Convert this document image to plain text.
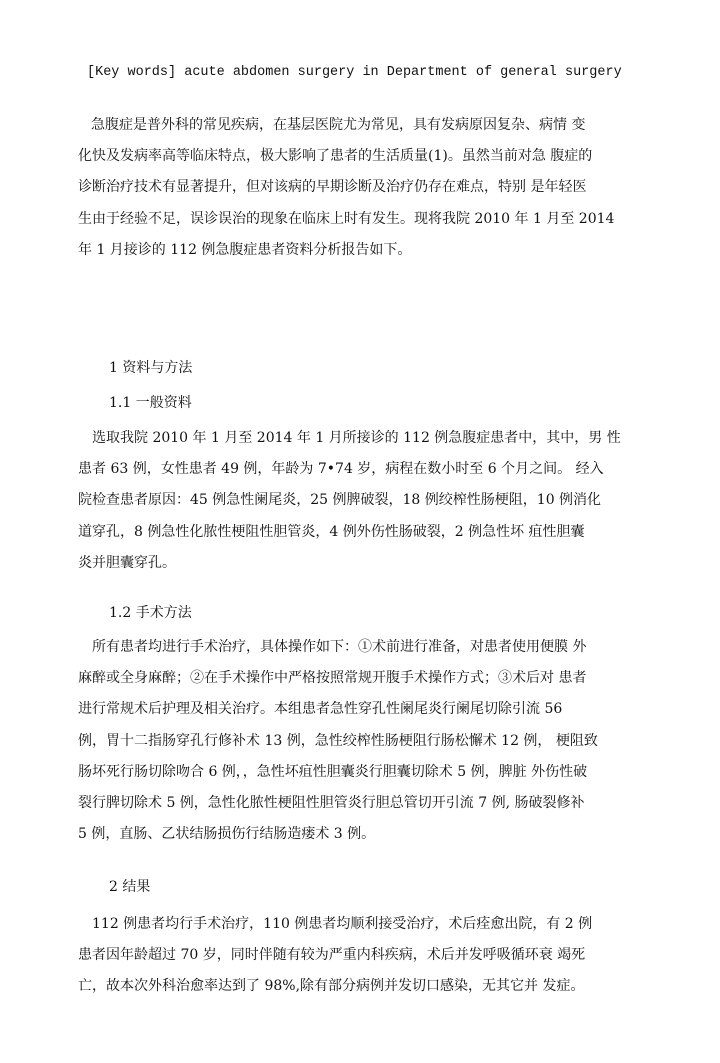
[Key words] acute abdomen surgery in Department of general surgery
急腹症是普外科的常见疾病，在基层医院尤为常见，具有发病原因复杂、病情 变
化快及发病率高等临床特点，极大影响了患者的生活质量(1)。虽然当前对急 腹症的
诊断治疗技术有显著提升，但对该病的早期诊断及治疗仍存在难点，特别 是年轻医
生由于经验不足，误诊误治的现象在临床上时有发生。现将我院 2010 年 1 月至 2014
年 1 月接诊的 112 例急腹症患者资料分析报告如下。
1 资料与方法
1.1 一般资料
选取我院 2010 年 1 月至 2014 年 1 月所接诊的 112 例急腹症患者中，其中，男 性
患者 63 例，女性患者 49 例，年龄为 7•74 岁，病程在数小时至 6 个月之间。 经入
院检查患者原因：45 例急性阑尾炎，25 例脾破裂，18 例绞榨性肠梗阻，10 例消化
道穿孔，8 例急性化脓性梗阻性胆管炎，4 例外伤性肠破裂，2 例急性坏 疽性胆囊
炎并胆囊穿孔。
1.2 手术方法
所有患者均进行手术治疗，具体操作如下：①术前进行准备，对患者使用便膜 外
麻醉或全身麻醉；②在手术操作中严格按照常规开腹手术操作方式；③术后对 患者
进行常规术后护理及相关治疗。本组患者急性穿孔性阑尾炎行阑尾切除引流 56
例，胃十二指肠穿孔行修补术 13 例，急性绞榨性肠梗阻行肠松懈术 12 例， 梗阻致
肠坏死行肠切除吻合 6 例，，急性坏疽性胆囊炎行胆囊切除术 5 例，脾脏 外伤性破
裂行脾切除术 5 例，急性化脓性梗阻性胆管炎行胆总管切开引流 7 例, 肠破裂修补
5 例，直肠、乙状结肠损伤行结肠造瘘术 3 例。
2 结果
112 例患者均行手术治疗，110 例患者均顺利接受治疗，术后痊愈出院，有 2 例
患者因年龄超过 70 岁，同时伴随有较为严重内科疾病，术后并发呼吸循环衰 竭死
亡，故本次外科治愈率达到了 98%,除有部分病例并发切口感染，无其它并 发症。
